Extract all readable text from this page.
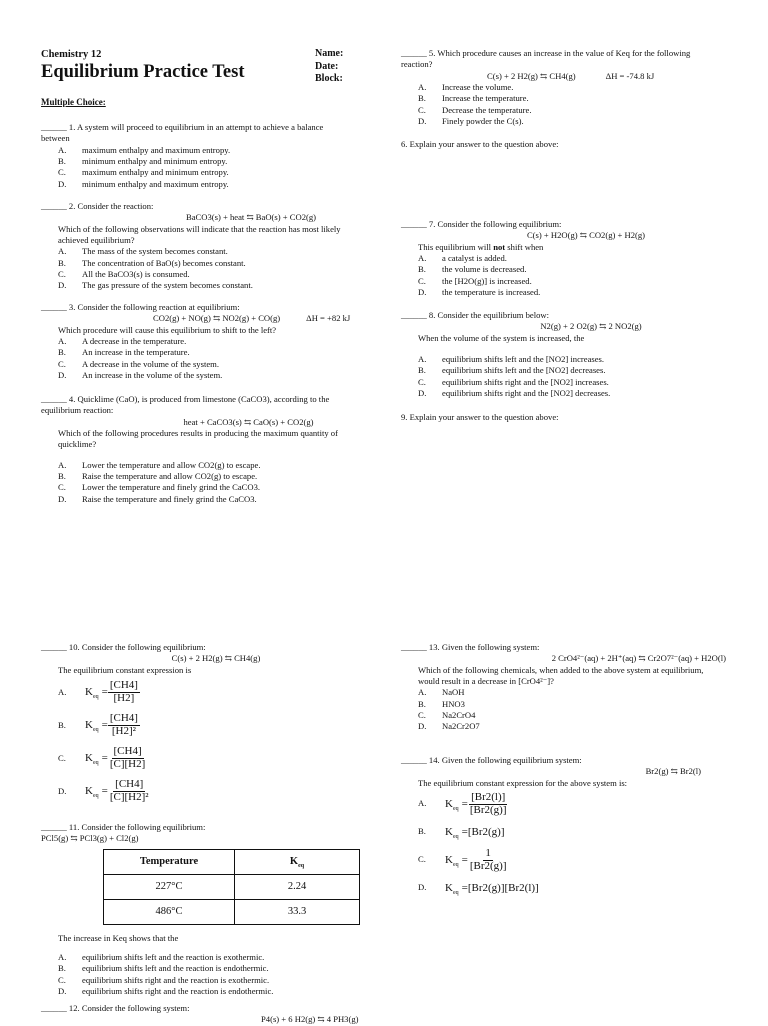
Chemistry 12
Equilibrium Practice Test
Name:
Date:
Block:
Multiple Choice:
______ 1. A system will proceed to equilibrium in an attempt to achieve a balance between
A.	maximum enthalpy and maximum entropy.
B.	minimum enthalpy and minimum entropy.
C.	maximum enthalpy and minimum entropy.
D.	minimum enthalpy and maximum entropy.
______ 2. Consider the reaction:
BaCO3(s) + heat ⇆ BaO(s) + CO2(g)
Which of the following observations will indicate that the reaction has most likely achieved equilibrium?
A.	The mass of the system becomes constant.
B.	The concentration of BaO(s) becomes constant.
C.	All the BaCO3(s) is consumed.
D.	The gas pressure of the system becomes constant.
______ 3. Consider the following reaction at equilibrium:
CO2(g) + NO(g) ⇆ NO2(g) + CO(g)	ΔH = +82 kJ
Which procedure will cause this equilibrium to shift to the left?
A.	A decrease in the temperature.
B.	An increase in the temperature.
C.	A decrease in the volume of the system.
D.	An increase in the volume of the system.
______ 4. Quicklime (CaO), is produced from limestone (CaCO3), according to the equilibrium reaction:
heat + CaCO3(s) ⇆ CaO(s) + CO2(g)
Which of the following procedures results in producing the maximum quantity of quicklime?
A.	Lower the temperature and allow CO2(g) to escape.
B.	Raise the temperature and allow CO2(g) to escape.
C.	Lower the temperature and finely grind the CaCO3.
D.	Raise the temperature and finely grind the CaCO3.
______ 5. Which procedure causes an increase in the value of Keq for the following reaction?
C(s) + 2 H2(g) ⇆ CH4(g)	ΔH = -74.8 kJ
A.	Increase the volume.
B.	Increase the temperature.
C.	Decrease the temperature.
D.	Finely powder the C(s).
6. Explain your answer to the question above:
______ 7. Consider the following equilibrium:
C(s) + H2O(g) ⇆ CO2(g) + H2(g)
This equilibrium will not shift when
A.	a catalyst is added.
B.	the volume is decreased.
C.	the [H2O(g)] is increased.
D.	the temperature is increased.
______ 8. Consider the equilibrium below:
N2(g) + 2 O2(g) ⇆ 2 NO2(g)
When the volume of the system is increased, the
A.	equilibrium shifts left and the [NO2] increases.
B.	equilibrium shifts left and the [NO2] decreases.
C.	equilibrium shifts right and the [NO2] increases.
D.	equilibrium shifts right and the [NO2] decreases.
9. Explain your answer to the question above:
______ 10. Consider the following equilibrium:
C(s) + 2 H2(g) ⇆ CH4(g)
The equilibrium constant expression is
A.	$K_{eq} = \frac{[CH4]}{[H2]}$
B.	$K_{eq} = \frac{[CH4]}{\text{[H2]²}}$
C.	$K_{eq} = \frac{[CH4]}{[C][H2]}$
D.	$K_{eq} = \frac{[CH4]}{\text{[C][H2]²}}$
______ 11. Consider the following equilibrium:
PCl5(g) ⇆ PCl3(g) + Cl2(g)
Temperature	$K_{eq}$
227°C	2.24
486°C	33.3
The increase in Keq shows that the
A.	equilibrium shifts left and the reaction is exothermic.
B.	equilibrium shifts left and the reaction is endothermic.
C.	equilibrium shifts right and the reaction is exothermic.
D.	equilibrium shifts right and the reaction is endothermic.
______ 12. Consider the following system:
P4(s) + 6 H2(g) ⇆ 4 PH3(g)
______ 13. Given the following system:
2 CrO4²⁻(aq) + 2H⁺(aq) ⇆ Cr2O7²⁻(aq) + H2O(l)
Which of the following chemicals, when added to the above system at equilibrium, would result in a decrease in [CrO4²⁻]?
A.	NaOH
B.	HNO3
C.	Na2CrO4
D.	Na2Cr2O7
______ 14. Given the following equilibrium system:
Br2(g) ⇆ Br2(l)
The equilibrium constant expression for the above system is:
A.	$K_{eq} = \frac{[Br2(l)]}{[Br2(g)]}$
B.	$K_{eq} = [Br2(g)]$
C.	$K_{eq} = \frac{1}{[Br2(g)]}$
D.	$K_{eq} = [Br2(g)][Br2(l)]$
